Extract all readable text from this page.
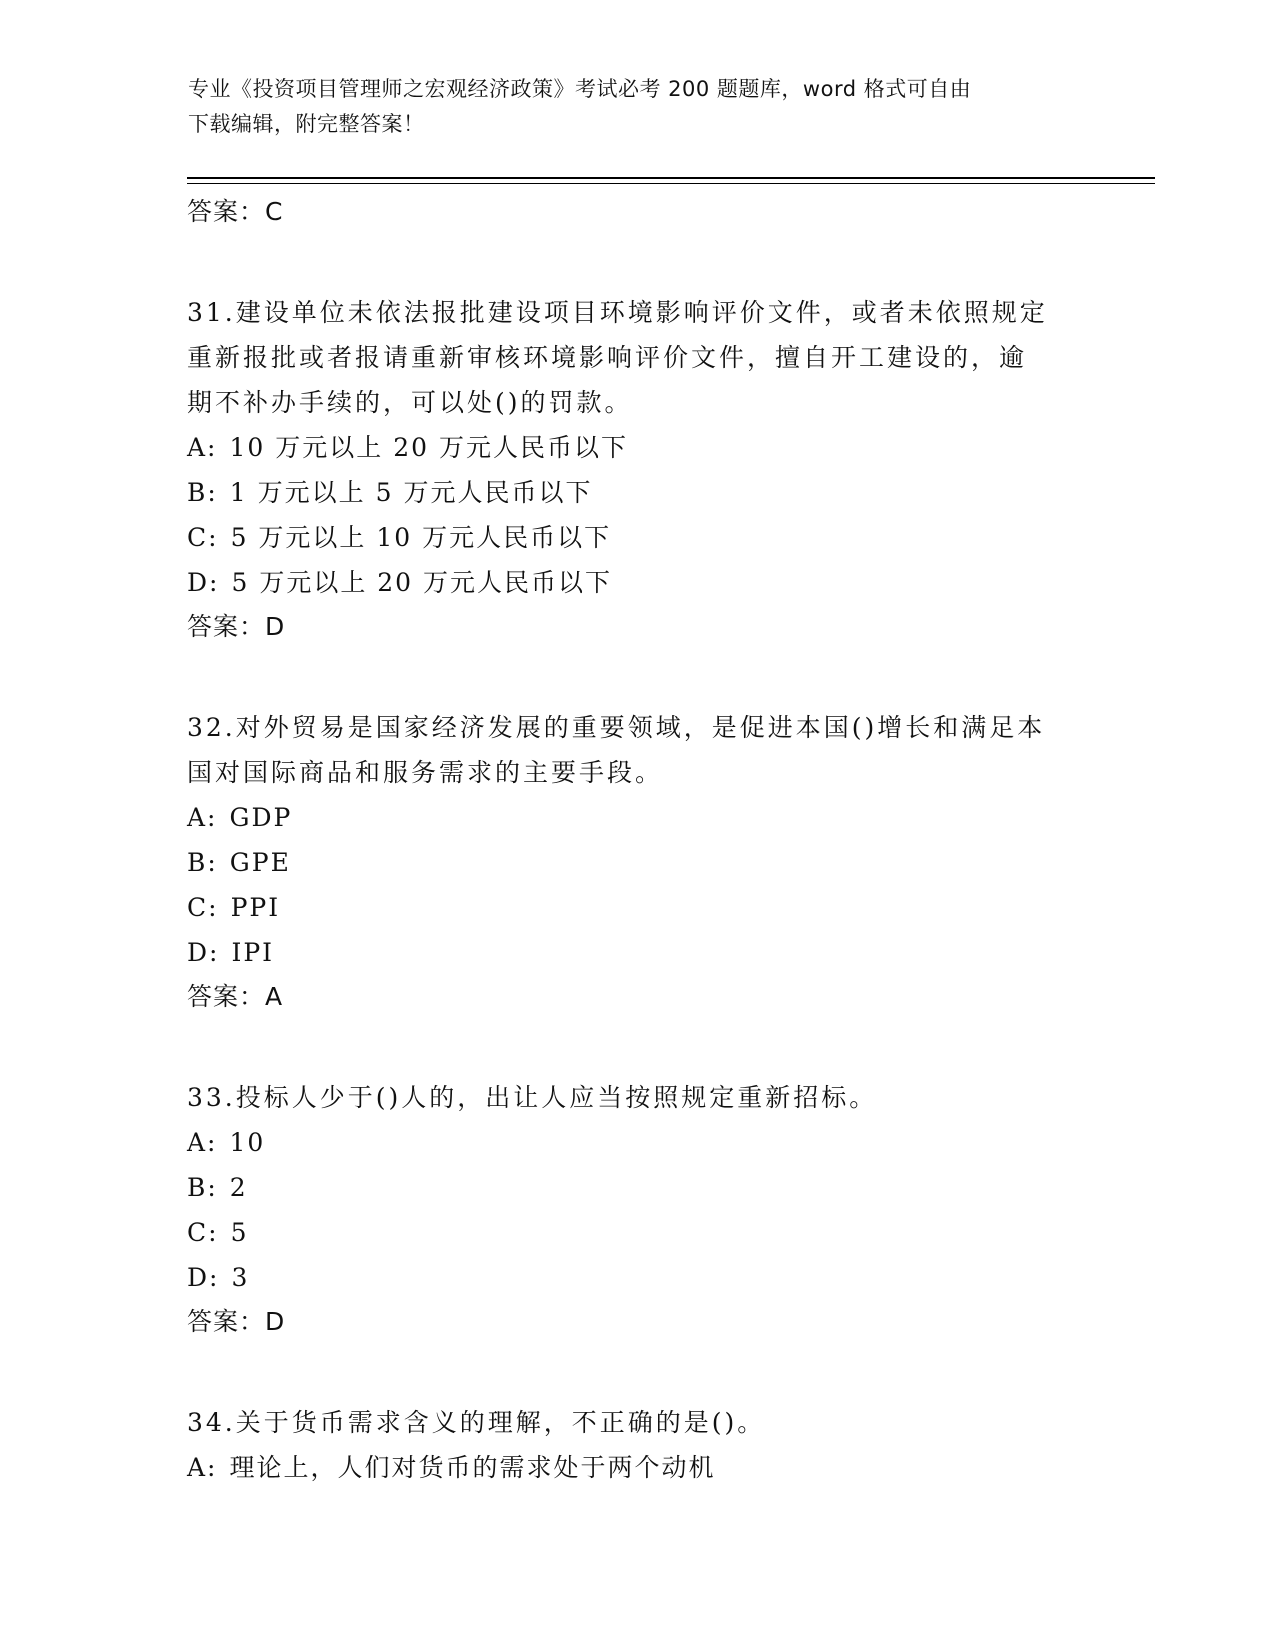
专业《投资项目管理师之宏观经济政策》考试必考 200 题题库，word 格式可自由
下载编辑，附完整答案！
答案：C
31.建设单位未依法报批建设项目环境影响评价文件，或者未依照规定
重新报批或者报请重新审核环境影响评价文件，擅自开工建设的，逾
期不补办手续的，可以处()的罚款。
A: 10 万元以上 20 万元人民币以下
B: 1 万元以上 5 万元人民币以下
C: 5 万元以上 10 万元人民币以下
D: 5 万元以上 20 万元人民币以下
答案：D
32.对外贸易是国家经济发展的重要领域，是促进本国()增长和满足本
国对国际商品和服务需求的主要手段。
A: GDP
B: GPE
C: PPI
D: IPI
答案：A
33.投标人少于()人的，出让人应当按照规定重新招标。
A: 10
B: 2
C: 5
D: 3
答案：D
34.关于货币需求含义的理解，不正确的是()。
A: 理论上，人们对货币的需求处于两个动机
